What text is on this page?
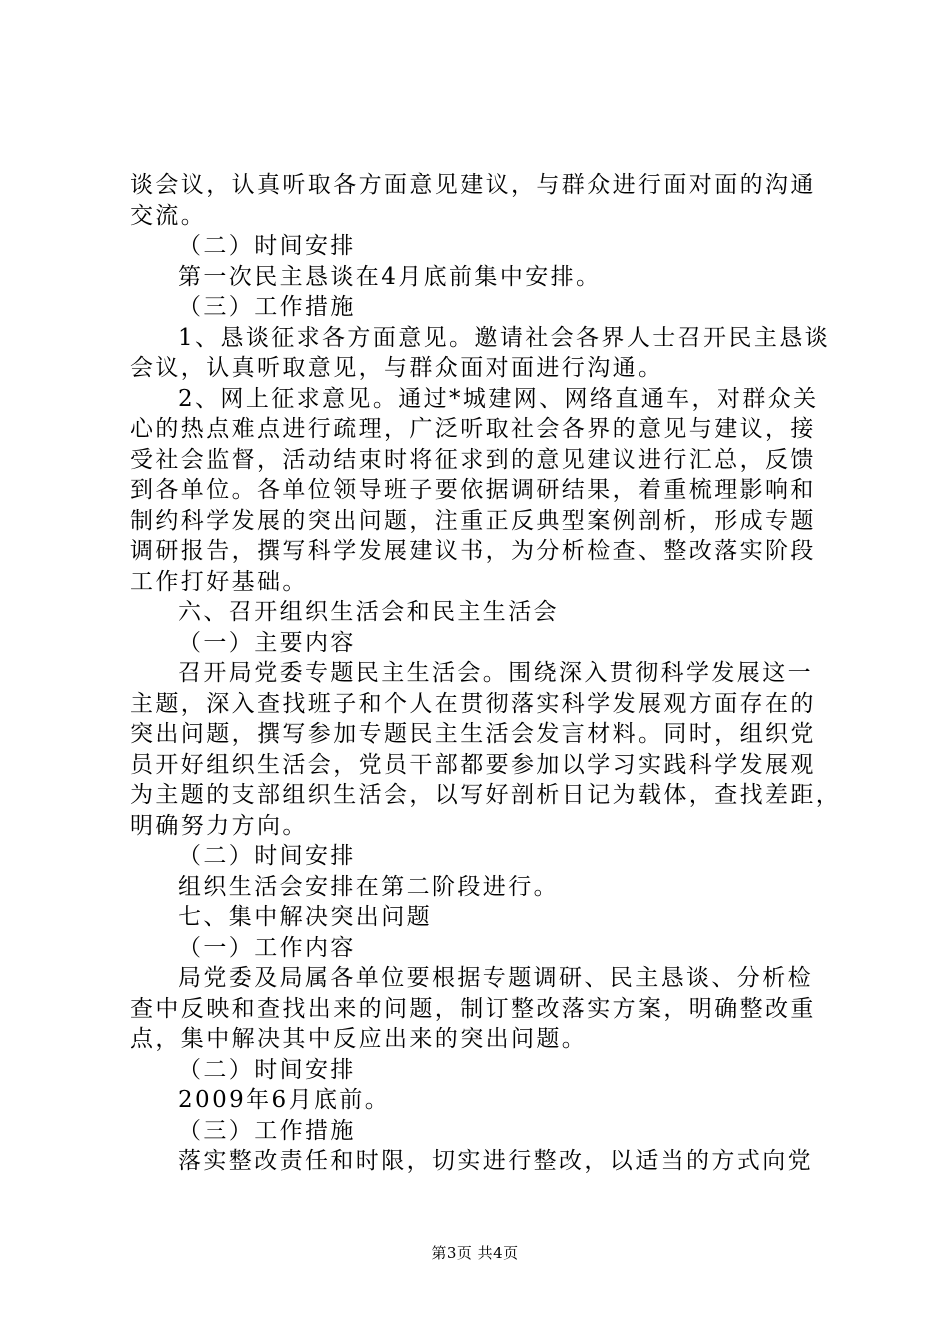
谈会议，认真听取各方面意见建议，与群众进行面对面的沟通
交流。
（二）时间安排
第一次民主恳谈在4月底前集中安排。
（三）工作措施
1、恳谈征求各方面意见。邀请社会各界人士召开民主恳谈
会议，认真听取意见，与群众面对面进行沟通。
2、网上征求意见。通过*城建网、网络直通车，对群众关
心的热点难点进行疏理，广泛听取社会各界的意见与建议，接
受社会监督，活动结束时将征求到的意见建议进行汇总，反馈
到各单位。各单位领导班子要依据调研结果，着重梳理影响和
制约科学发展的突出问题，注重正反典型案例剖析，形成专题
调研报告，撰写科学发展建议书，为分析检查、整改落实阶段
工作打好基础。
六、召开组织生活会和民主生活会
（一）主要内容
召开局党委专题民主生活会。围绕深入贯彻科学发展这一
主题，深入查找班子和个人在贯彻落实科学发展观方面存在的
突出问题，撰写参加专题民主生活会发言材料。同时，组织党
员开好组织生活会，党员干部都要参加以学习实践科学发展观
为主题的支部组织生活会，以写好剖析日记为载体，查找差距，
明确努力方向。
（二）时间安排
组织生活会安排在第二阶段进行。
七、集中解决突出问题
（一）工作内容
局党委及局属各单位要根据专题调研、民主恳谈、分析检
查中反映和查找出来的问题，制订整改落实方案，明确整改重
点，集中解决其中反应出来的突出问题。
（二）时间安排
2009年6月底前。
（三）工作措施
落实整改责任和时限，切实进行整改，以适当的方式向党
第3页 共4页
